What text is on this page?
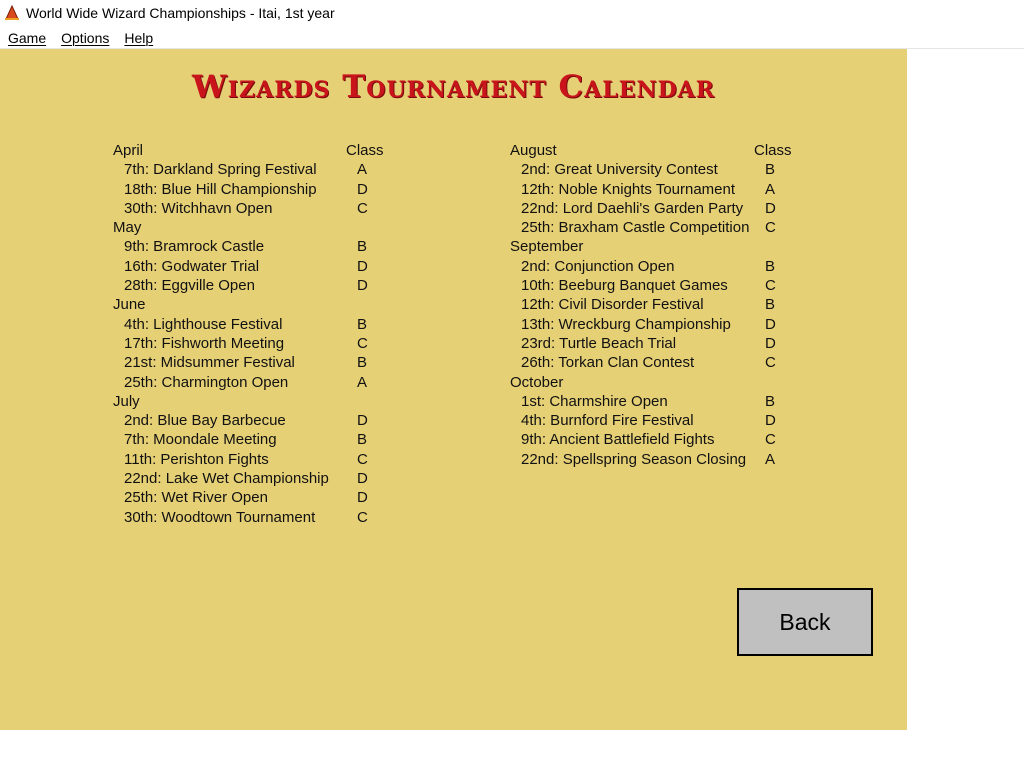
World Wide Wizard Championships - Itai, 1st year
Game Options Help
Wizards Tournament Calendar
April	Class
7th: Darkland Spring Festival	A
18th: Blue Hill Championship	D
30th: Witchhavn Open	C
May
9th: Bramrock Castle	B
16th: Godwater Trial	D
28th: Eggville Open	D
June
4th: Lighthouse Festival	B
17th: Fishworth Meeting	C
21st: Midsummer Festival	B
25th: Charmington Open	A
July
2nd: Blue Bay Barbecue	D
7th: Moondale Meeting	B
11th: Perishton Fights	C
22nd: Lake Wet Championship D
25th: Wet River Open	D
30th: Woodtown Tournament	C
August	Class
2nd: Great University Contest	B
12th: Noble Knights Tournament A
22nd: Lord Daehli's Garden Party D
25th: Braxham Castle Competition C
September
2nd: Conjunction Open	B
10th: Beeburg Banquet Games C
12th: Civil Disorder Festival	B
13th: Wreckburg Championship D
23rd: Turtle Beach Trial	D
26th: Torkan Clan Contest	C
October
1st: Charmshire Open	B
4th: Burnford Fire Festival	D
9th: Ancient Battlefield Fights	C
22nd: Spellspring Season Closing A
Back
